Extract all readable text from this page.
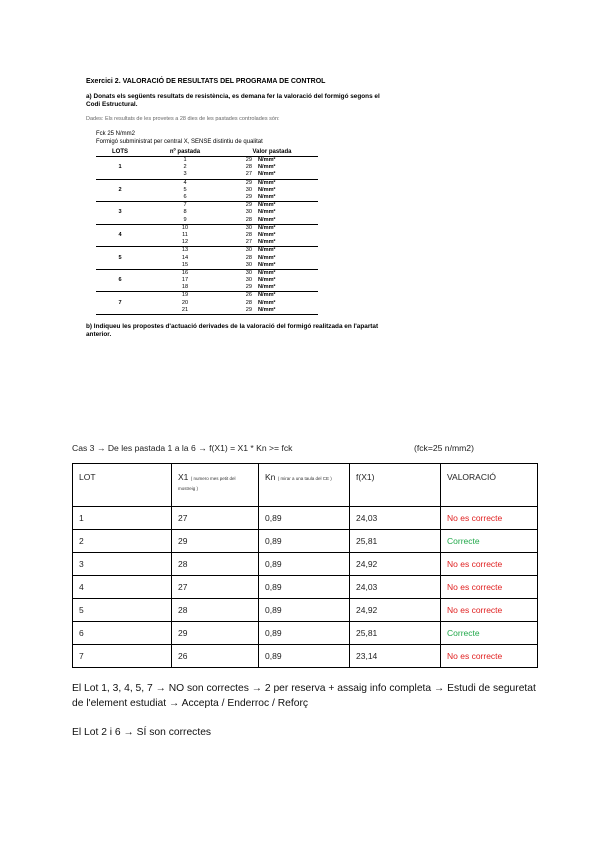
Exercici 2. VALORACIÓ DE RESULTATS DEL PROGRAMA DE CONTROL

a) Donats els següents resultats de resistència, es demana fer la valoració del formigó segons el Codi Estructural.

Dades: Els resultats de les provetes a 28 dies de les pastades controlades són:

Fck 25 N/mm2

Formigó subministrat per central X, SENSE distintiu de qualitat

LOTS	nº pastada	Valor pastada	
1	1	29	N/mm²
	2	28	N/mm²
	3	27	N/mm²
2	4	29	N/mm²
	5	30	N/mm²
	6	29	N/mm²
3	7	29	N/mm²
	8	30	N/mm²
	9	28	N/mm²
4	10	30	N/mm²
	11	28	N/mm²
	12	27	N/mm²
5	13	30	N/mm²
	14	28	N/mm²
	15	30	N/mm²
6	16	30	N/mm²
	17	30	N/mm²
	18	29	N/mm²
7	19	26	N/mm²
	20	28	N/mm²
	21	29	N/mm²

b) Indiqueu les propostes d'actuació derivades de la valoració del formigó realitzada en l'apartat anterior.

Cas 3 → De les pastada 1 a la 6 → f(X1) = X1 * Kn >= fck	(fck=25 n/mm2)
LOT	X1 ( numero mes petit del mostreig )	Kn ( mirar a una taula del CE )	f(X1)	VALORACIÓ
1	27	0,89	24,03	No es correcte
2	29	0,89	25,81	Correcte
3	28	0,89	24,92	No es correcte
4	27	0,89	24,03	No es correcte
5	28	0,89	24,92	No es correcte
6	29	0,89	25,81	Correcte
7	26	0,89	23,14	No es correcte

El Lot 1, 3, 4, 5, 7 → NO son correctes → 2 per reserva + assaig info completa → Estudi de seguretat de l'element estudiat → Accepta / Enderroc / Reforç

El Lot 2 i 6 → SÍ son correctes
